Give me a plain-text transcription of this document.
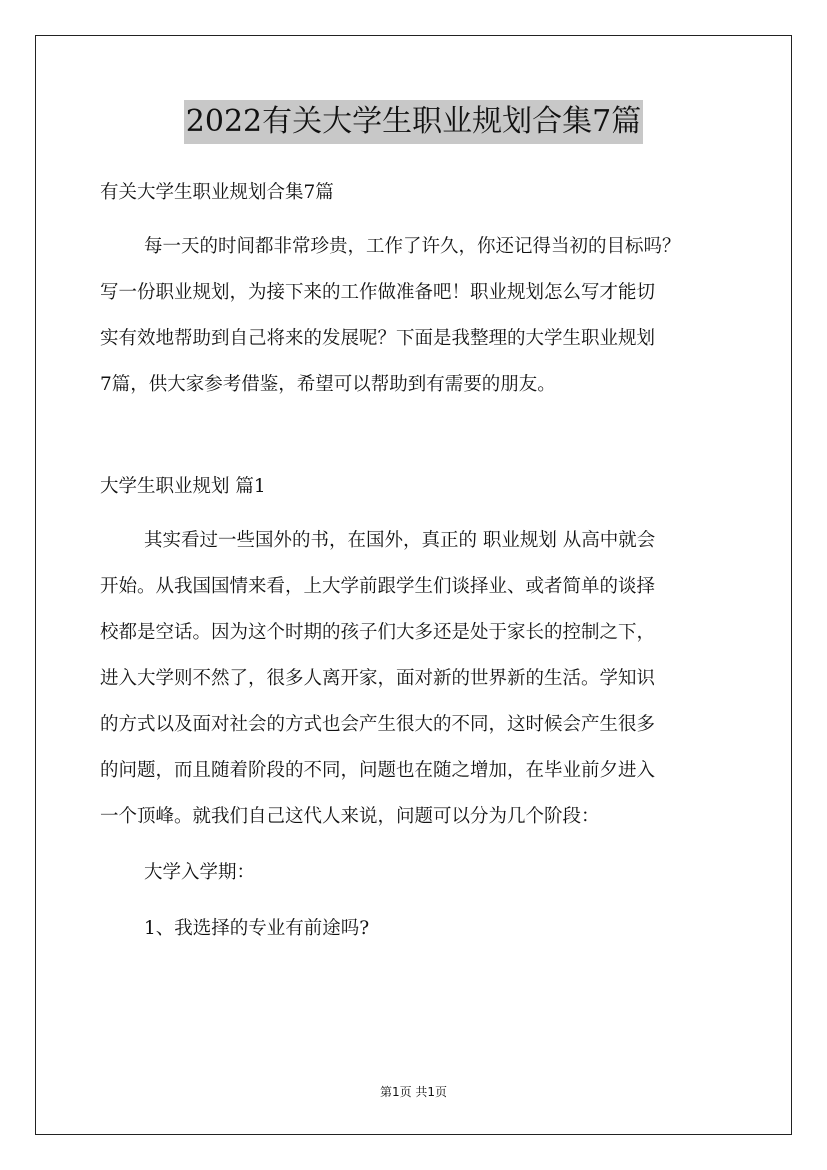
2022有关大学生职业规划合集7篇
有关大学生职业规划合集7篇
每一天的时间都非常珍贵，工作了许久，你还记得当初的目标吗？
写一份职业规划，为接下来的工作做准备吧！职业规划怎么写才能切
实有效地帮助到自己将来的发展呢？下面是我整理的大学生职业规划
7篇，供大家参考借鉴，希望可以帮助到有需要的朋友。
大学生职业规划 篇1
其实看过一些国外的书，在国外，真正的 职业规划 从高中就会
开始。从我国国情来看，上大学前跟学生们谈择业、或者简单的谈择
校都是空话。因为这个时期的孩子们大多还是处于家长的控制之下，
进入大学则不然了，很多人离开家，面对新的世界新的生活。学知识
的方式以及面对社会的方式也会产生很大的不同，这时候会产生很多
的问题，而且随着阶段的不同，问题也在随之增加，在毕业前夕进入
一个顶峰。就我们自己这代人来说，问题可以分为几个阶段：
大学入学期：
1、我选择的专业有前途吗?
第1页 共1页
